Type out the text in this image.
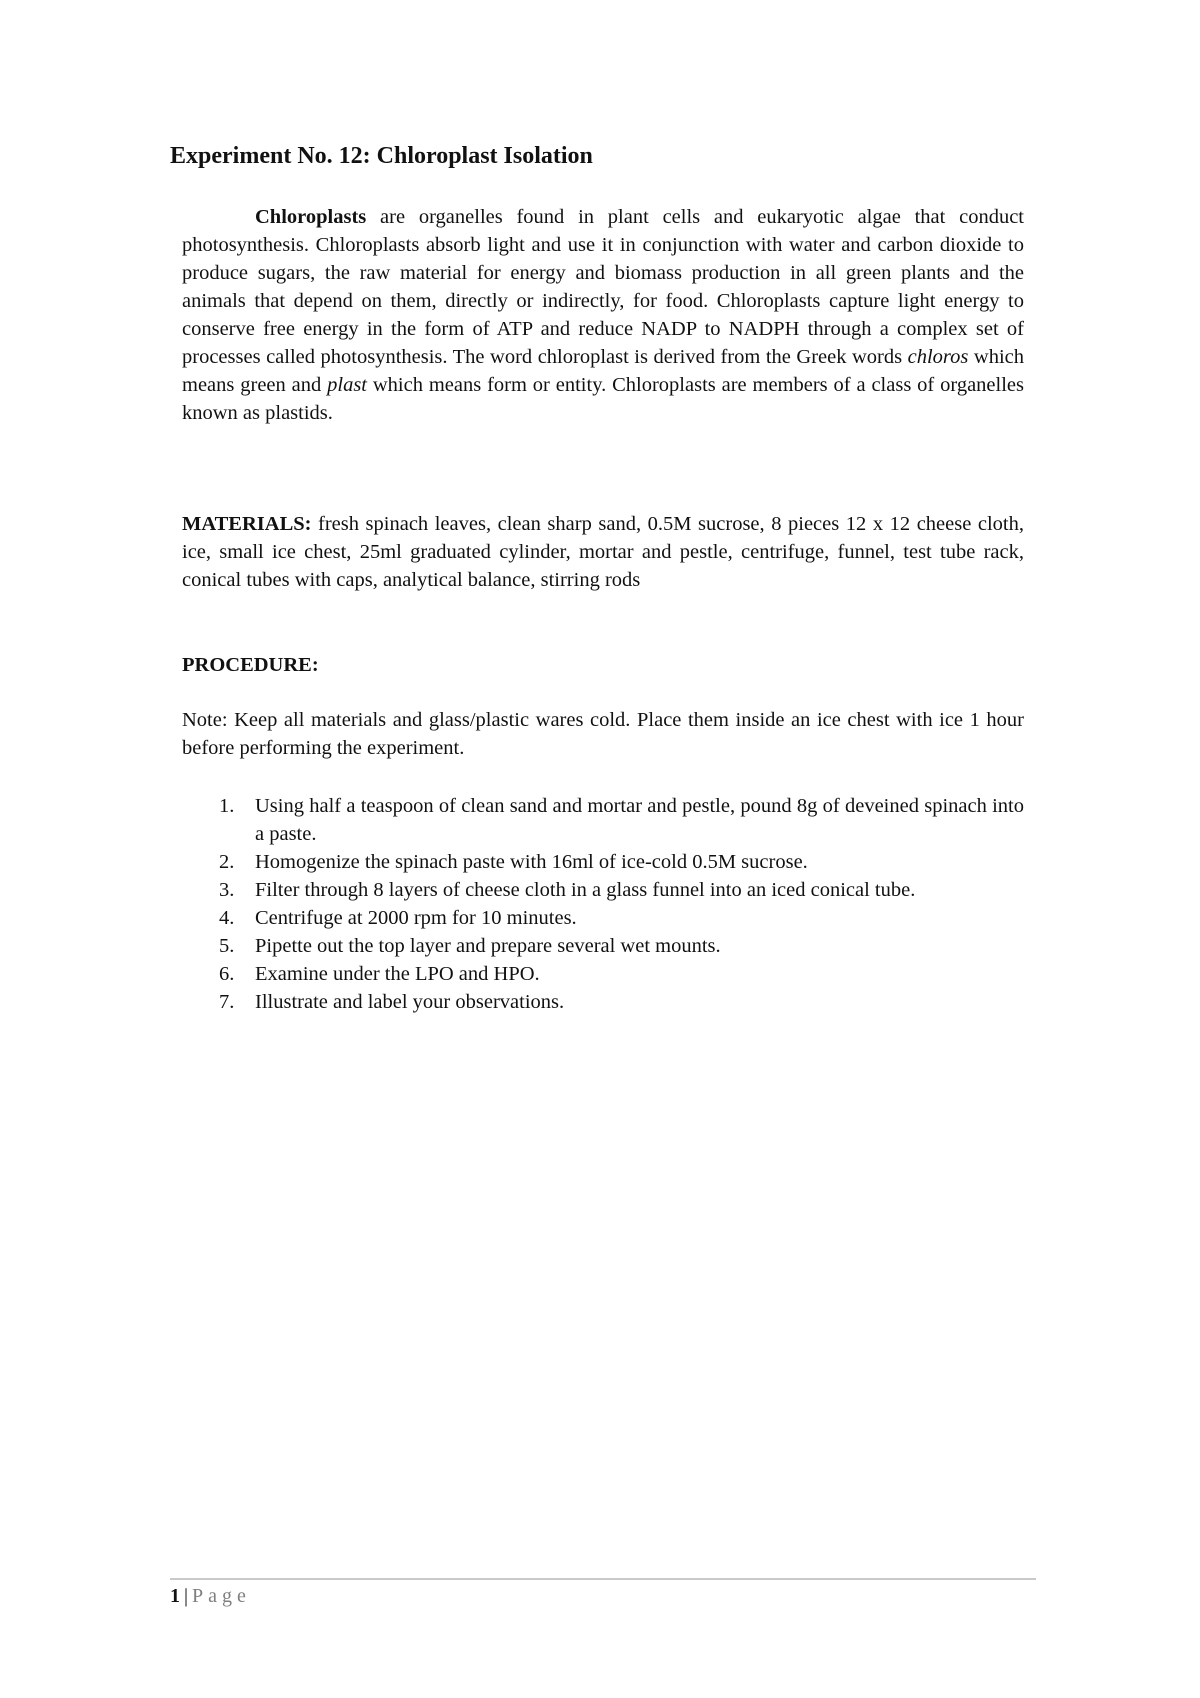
Experiment No. 12: Chloroplast Isolation

Chloroplasts are organelles found in plant cells and eukaryotic algae that conduct photosynthesis. Chloroplasts absorb light and use it in conjunction with water and carbon dioxide to produce sugars, the raw material for energy and biomass production in all green plants and the animals that depend on them, directly or indirectly, for food. Chloroplasts capture light energy to conserve free energy in the form of ATP and reduce NADP to NADPH through a complex set of processes called photosynthesis. The word chloroplast is derived from the Greek words chloros which means green and plast which means form or entity. Chloroplasts are members of a class of organelles known as plastids.

MATERIALS: fresh spinach leaves, clean sharp sand, 0.5M sucrose, 8 pieces 12 x 12 cheese cloth, ice, small ice chest, 25ml graduated cylinder, mortar and pestle, centrifuge, funnel, test tube rack, conical tubes with caps, analytical balance, stirring rods

PROCEDURE:

Note: Keep all materials and glass/plastic wares cold. Place them inside an ice chest with ice 1 hour before performing the experiment.

1. Using half a teaspoon of clean sand and mortar and pestle, pound 8g of deveined spinach into a paste.
2. Homogenize the spinach paste with 16ml of ice-cold 0.5M sucrose.
3. Filter through 8 layers of cheese cloth in a glass funnel into an iced conical tube.
4. Centrifuge at 2000 rpm for 10 minutes.
5. Pipette out the top layer and prepare several wet mounts.
6. Examine under the LPO and HPO.
7. Illustrate and label your observations.
1 | Page
